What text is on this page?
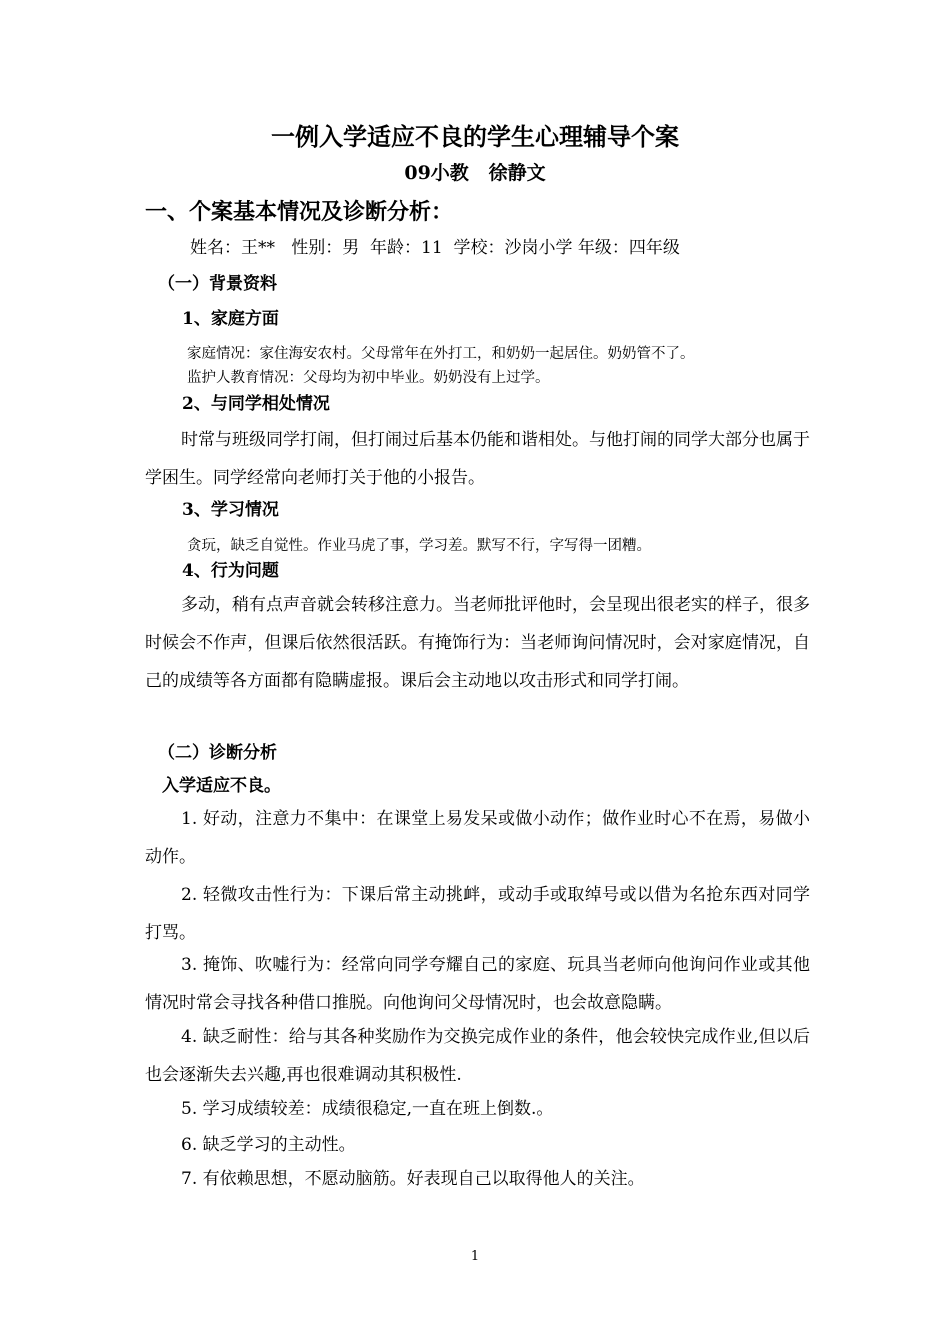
一例入学适应不良的学生心理辅导个案
09小教   徐静文
一、个案基本情况及诊断分析：
姓名：王**   性别：男  年龄：11  学校：沙岗小学 年级：四年级
（一）背景资料
1、家庭方面
家庭情况：家住海安农村。父母常年在外打工，和奶奶一起居住。奶奶管不了。
监护人教育情况：父母均为初中毕业。奶奶没有上过学。
2、与同学相处情况

时常与班级同学打闹，但打闹过后基本仍能和谐相处。与他打闹的同学大部分也属于学困生。同学经常向老师打关于他的小报告。

3、学习情况
贪玩，缺乏自觉性。作业马虎了事，学习差。默写不行，字写得一团糟。
4、行为问题

多动，稍有点声音就会转移注意力。当老师批评他时，会呈现出很老实的样子，很多时候会不作声，但课后依然很活跃。有掩饰行为：当老师询问情况时，会对家庭情况，自己的成绩等各方面都有隐瞒虚报。课后会主动地以攻击形式和同学打闹。

（二）诊断分析
入学适应不良。

1. 好动，注意力不集中：在课堂上易发呆或做小动作；做作业时心不在焉，易做小动作。

2. 轻微攻击性行为：下课后常主动挑衅，或动手或取绰号或以借为名抢东西对同学打骂。

3. 掩饰、吹嘘行为：经常向同学夸耀自己的家庭、玩具当老师向他询问作业或其他情况时常会寻找各种借口推脱。向他询问父母情况时，也会故意隐瞒。

4. 缺乏耐性：给与其各种奖励作为交换完成作业的条件，他会较快完成作业,但以后也会逐渐失去兴趣,再也很难调动其积极性.

5. 学习成绩较差：成绩很稳定,一直在班上倒数.。

6. 缺乏学习的主动性。

7. 有依赖思想，不愿动脑筋。好表现自己以取得他人的关注。

1
